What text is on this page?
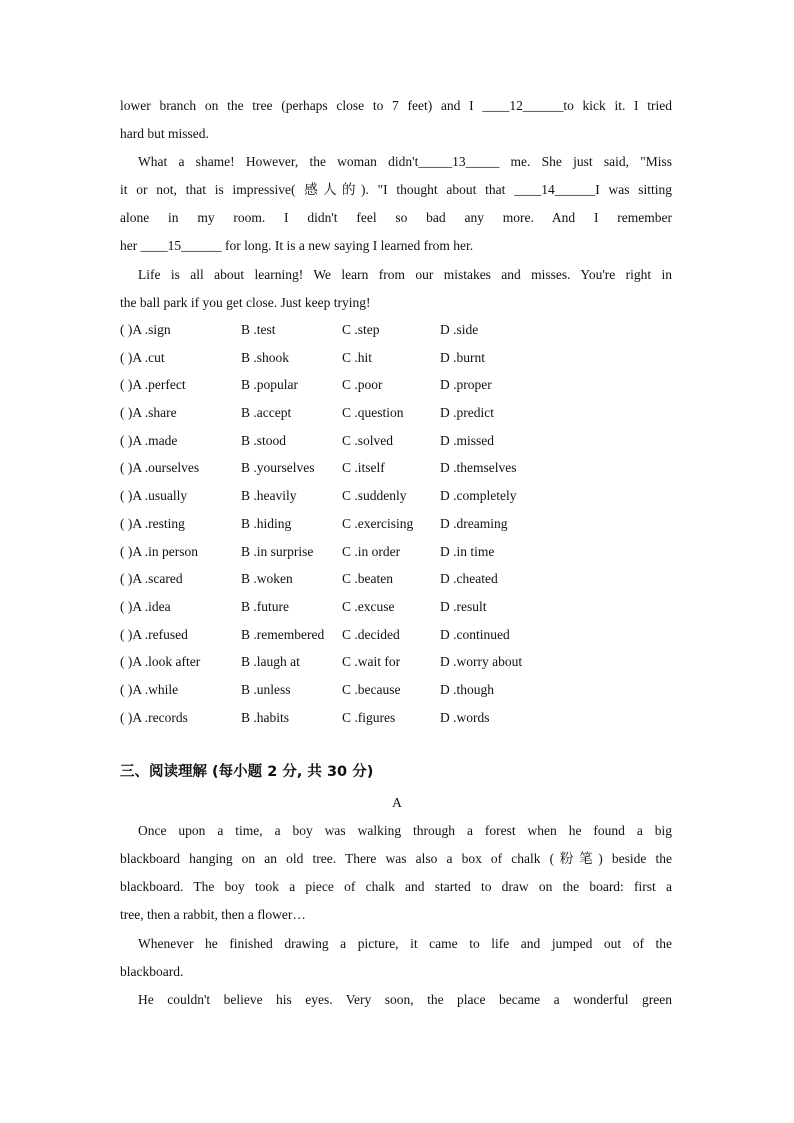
lower branch on the tree (perhaps close to 7 feet) and I ____12______to kick it. I tried
hard but missed.
What a shame! However, the woman didn't_____13_____ me. She just said, "Miss
it or not, that is impressive( 感人的). "I thought about that ____14______I was sitting
alone in my room. I didn't feel so bad any more. And I remember
her ____15______ for long. It is a new saying I learned from her.
Life is all about learning! We learn from our mistakes and misses. You're right in
the ball park if you get close. Just keep trying!
( )A .sign	B .test	C .step	D .side
( )A .cut	B .shook	C .hit	D .burnt
( )A .perfect	B .popular	C .poor	D .proper
( )A .share	B .accept	C .question	D .predict
( )A .made	B .stood	C .solved	D .missed
( )A .ourselves	B .yourselves C .itself	D .themselves
( )A .usually	B .heavily	C .suddenly D .completely
( )A .resting	B .hiding	C .exercising D .dreaming
( )A .in person	B .in surprise C .in order	D .in time
( )A .scared	B .woken	C .beaten	D .cheated
( )A .idea	B .future	C .excuse	D .result
( )A .refused	B .remembered C .decided	D .continued
( )A .look after	B .laugh at	C .wait for	D .worry about
( )A .while	B .unless	C .because	D .though
( )A .records	B .habits	C .figures	D .words
三、阅读理解 (每小题 2 分, 共 30 分)
A
Once upon a time, a boy was walking through a forest when he found a big
blackboard hanging on an old tree. There was also a box of chalk (粉笔) beside the
blackboard. The boy took a piece of chalk and started to draw on the board: first a
tree, then a rabbit, then a flower…
Whenever he finished drawing a picture, it came to life and jumped out of the
blackboard.
He couldn't believe his eyes. Very soon, the place became a wonderful green
